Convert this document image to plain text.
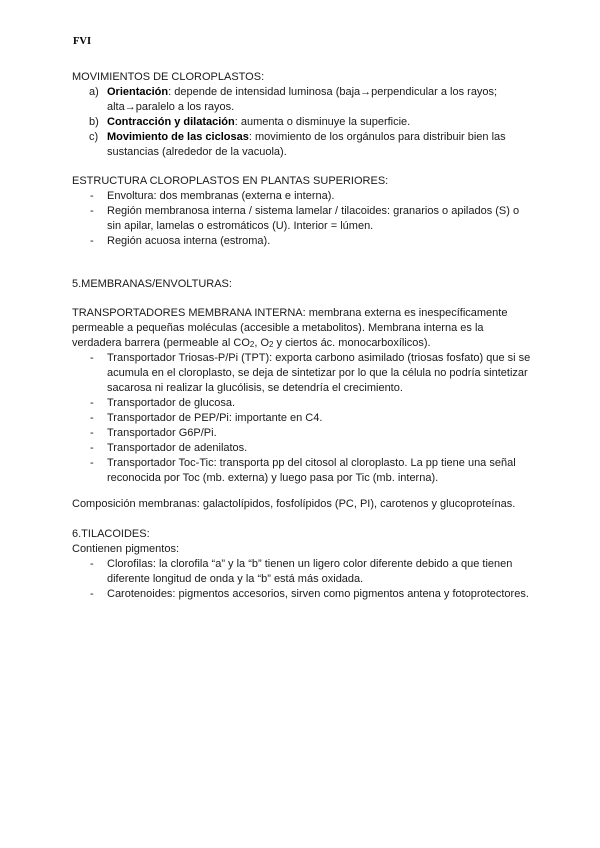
FVI

MOVIMIENTOS DE CLOROPLASTOS:

a) Orientación: depende de intensidad luminosa (baja→perpendicular a los rayos; alta→paralelo a los rayos.
b) Contracción y dilatación: aumenta o disminuye la superficie.
c) Movimiento de las ciclosas: movimiento de los orgánulos para distribuir bien las sustancias (alrededor de la vacuola).

ESTRUCTURA CLOROPLASTOS EN PLANTAS SUPERIORES:

- Envoltura: dos membranas (externa e interna).
- Región membranosa interna / sistema lamelar / tilacoides: granarios o apilados (S) o sin apilar, lamelas o estromáticos (U). Interior = lúmen.
- Región acuosa interna (estroma).

5.MEMBRANAS/ENVOLTURAS:

TRANSPORTADORES MEMBRANA INTERNA: membrana externa es inespecíficamente permeable a pequeñas moléculas (accesible a metabolitos). Membrana interna es la verdadera barrera (permeable al $CO_2$, $O_2$ y ciertos ác. monocarboxílicos).

- Transportador Triosas-P/Pi (TPT): exporta carbono asimilado (triosas fosfato) que si se acumula en el cloroplasto, se deja de sintetizar por lo que la célula no podría sintetizar sacarosa ni realizar la glucólisis, se detendría el crecimiento.
- Transportador de glucosa.
- Transportador de PEP/Pi: importante en C4.
- Transportador G6P/Pi.
- Transportador de adenilatos.
- Transportador Toc-Tic: transporta pp del citosol al cloroplasto. La pp tiene una señal reconocida por Toc (mb. externa) y luego pasa por Tic (mb. interna).

Composición membranas: galactolípidos, fosfolípidos (PC, PI), carotenos y glucoproteínas.

6.TILACOIDES:

Contienen pigmentos:

- Clorofilas: la clorofila “a” y la “b” tienen un ligero color diferente debido a que tienen diferente longitud de onda y la “b” está más oxidada.
- Carotenoides: pigmentos accesorios, sirven como pigmentos antena y fotoprotectores.
